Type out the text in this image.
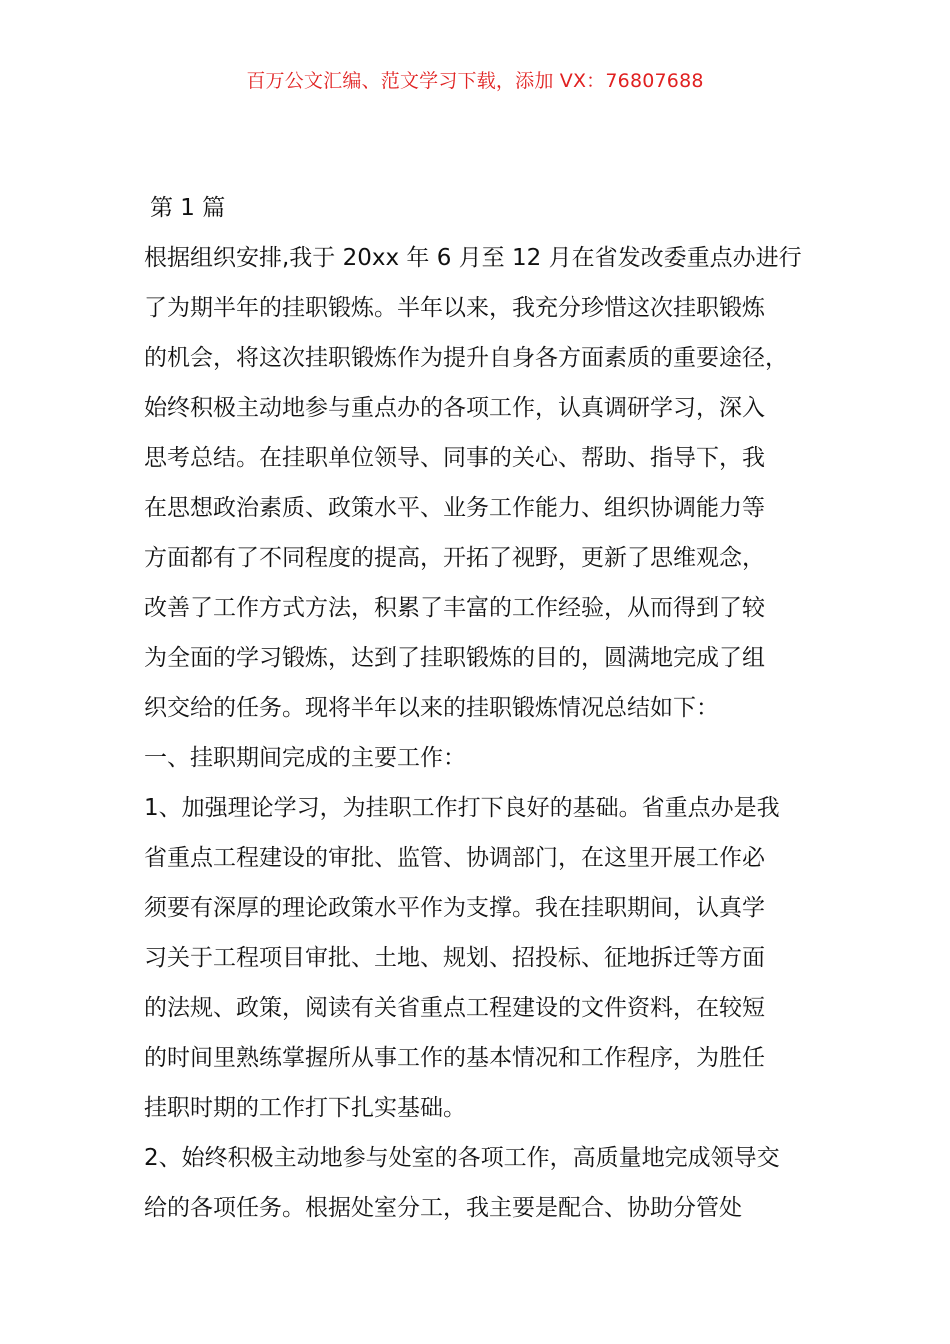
百万公文汇编、范文学习下载，添加 VX：76807688
第 1 篇
根据组织安排,我于 20xx 年 6 月至 12 月在省发改委重点办进行
了为期半年的挂职锻炼。半年以来，我充分珍惜这次挂职锻炼
的机会，将这次挂职锻炼作为提升自身各方面素质的重要途径，
始终积极主动地参与重点办的各项工作，认真调研学习，深入
思考总结。在挂职单位领导、同事的关心、帮助、指导下，我
在思想政治素质、政策水平、业务工作能力、组织协调能力等
方面都有了不同程度的提高，开拓了视野，更新了思维观念，
改善了工作方式方法，积累了丰富的工作经验，从而得到了较
为全面的学习锻炼，达到了挂职锻炼的目的，圆满地完成了组
织交给的任务。现将半年以来的挂职锻炼情况总结如下：
一、挂职期间完成的主要工作：
1、加强理论学习，为挂职工作打下良好的基础。省重点办是我
省重点工程建设的审批、监管、协调部门，在这里开展工作必
须要有深厚的理论政策水平作为支撑。我在挂职期间，认真学
习关于工程项目审批、土地、规划、招投标、征地拆迁等方面
的法规、政策，阅读有关省重点工程建设的文件资料，在较短
的时间里熟练掌握所从事工作的基本情况和工作程序，为胜任
挂职时期的工作打下扎实基础。
2、始终积极主动地参与处室的各项工作，高质量地完成领导交
给的各项任务。根据处室分工，我主要是配合、协助分管处
